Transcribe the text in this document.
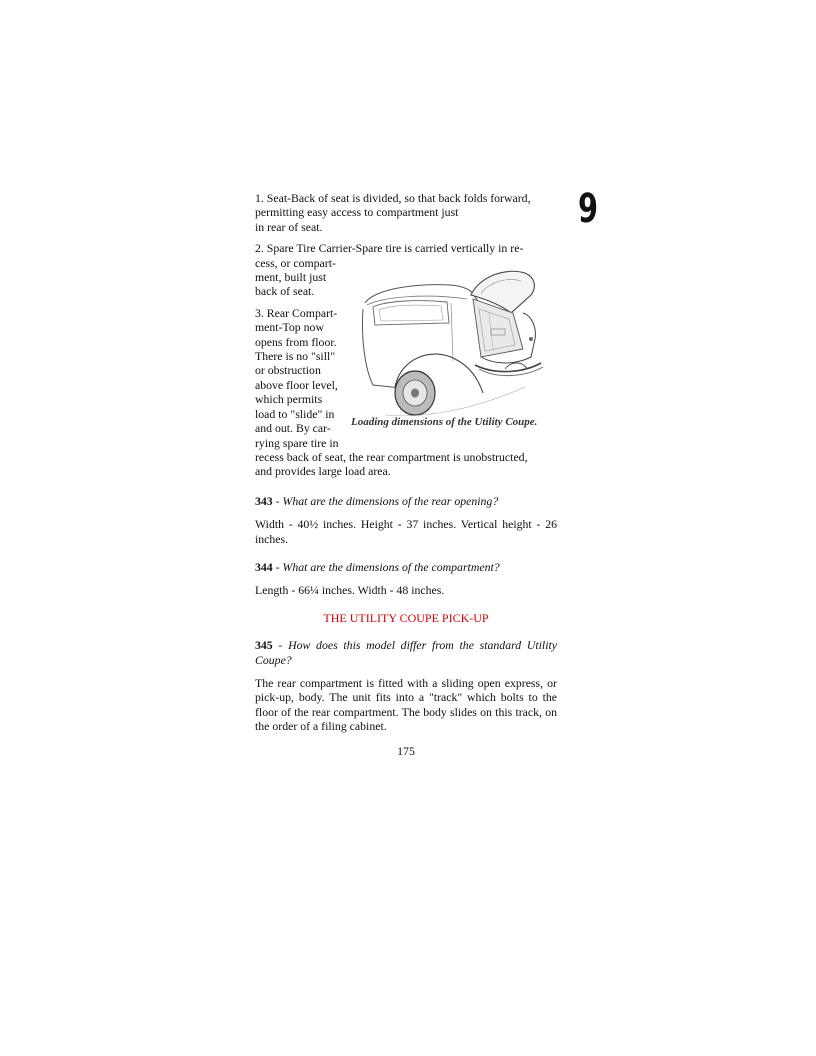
9

1. Seat-Back of seat is divided, so that back folds forward,
permitting easy access to compartment just
in rear of seat.

2. Spare Tire Carrier-Spare tire is carried vertically in re-

cess, or compart-
ment, built just
back of seat.
3. Rear Compart-
ment-Top now
opens from floor.
There is no "sill"
or obstruction
above floor level,
which permits
load to "slide" in
and out. By car-
rying spare tire in
Loading dimensions of the Utility Coupe.

recess back of seat, the rear compartment is unobstructed,
and provides large load area.

343 - What are the dimensions of the rear opening?

Width - 40½ inches. Height - 37 inches. Vertical height - 26 inches.

344 - What are the dimensions of the compartment?

Length - 66¼ inches. Width - 48 inches.

THE UTILITY COUPE PICK-UP

345 - How does this model differ from the standard Utility Coupe?

The rear compartment is fitted with a sliding open express, or pick-up, body. The unit fits into a "track" which bolts to the floor of the rear compartment. The body slides on this track, on the order of a filing cabinet.

175
